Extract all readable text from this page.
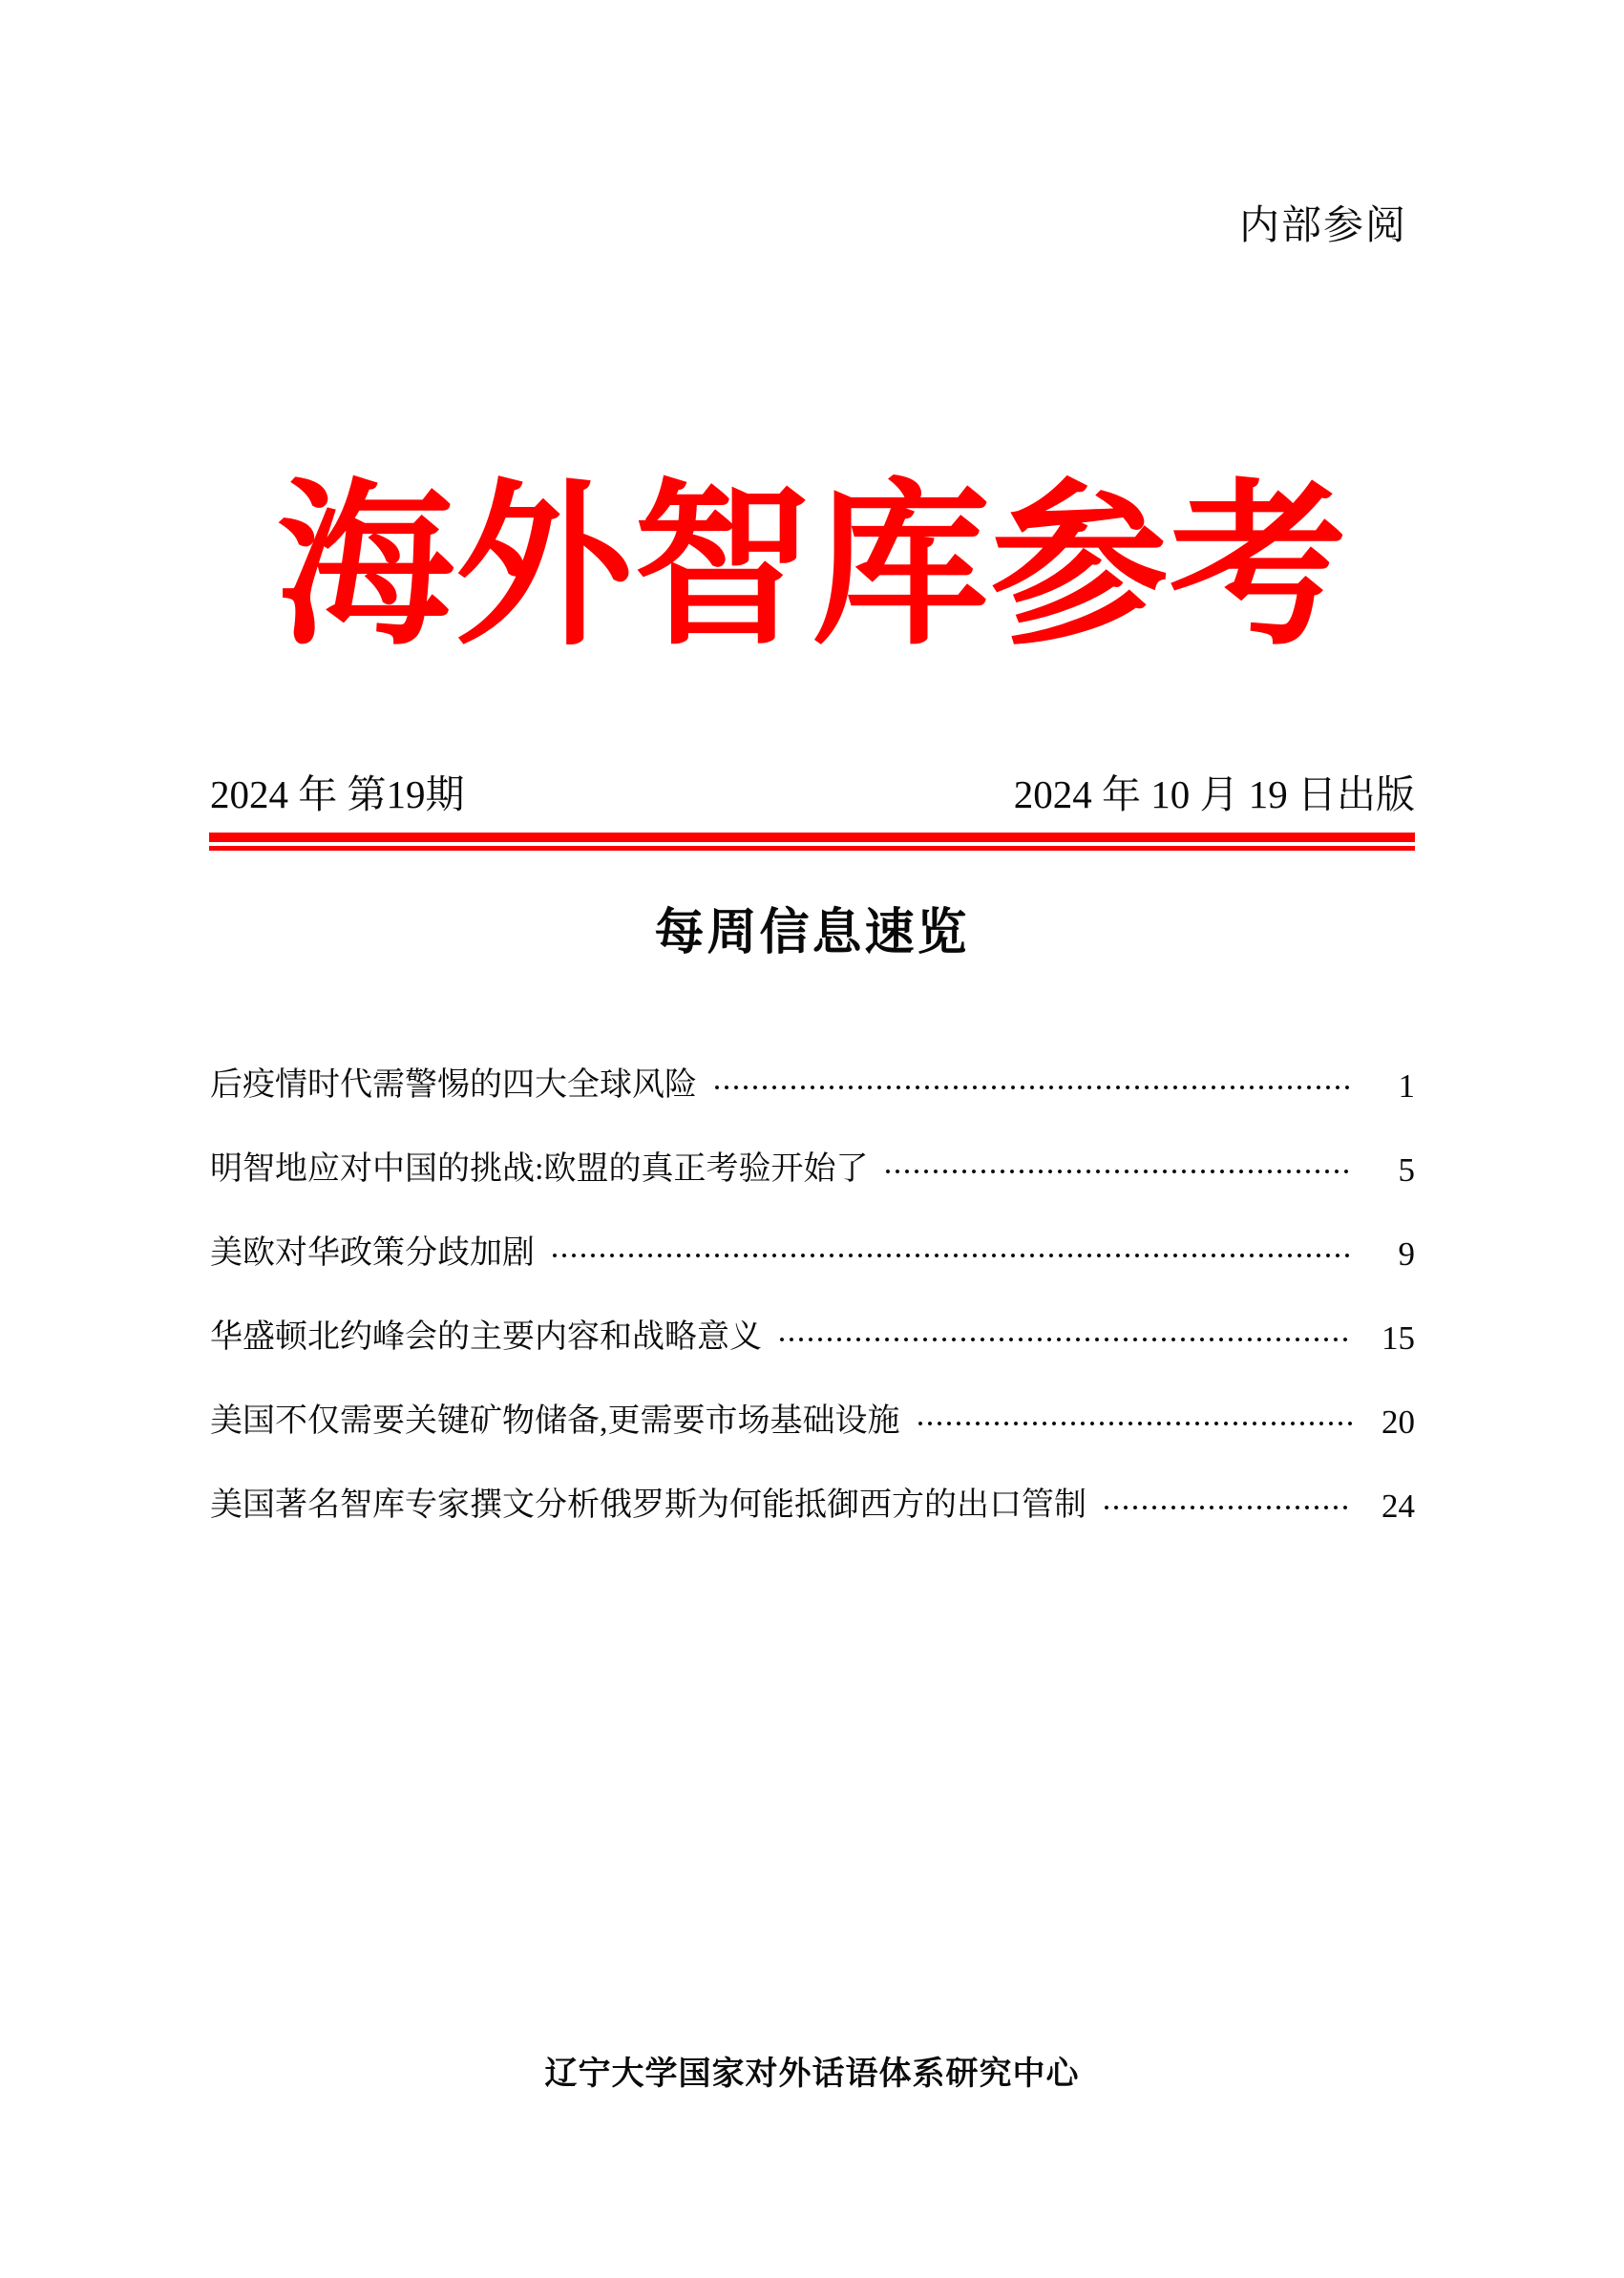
内部参阅
海外智库参考
2024 年 第19期	2024 年 10 月 19 日出版
每周信息速览
后疫情时代需警惕的四大全球风险	1
明智地应对中国的挑战:欧盟的真正考验开始了	5
美欧对华政策分歧加剧	9
华盛顿北约峰会的主要内容和战略意义	15
美国不仅需要关键矿物储备,更需要市场基础设施	20
美国著名智库专家撰文分析俄罗斯为何能抵御西方的出口管制	24
辽宁大学国家对外话语体系研究中心
